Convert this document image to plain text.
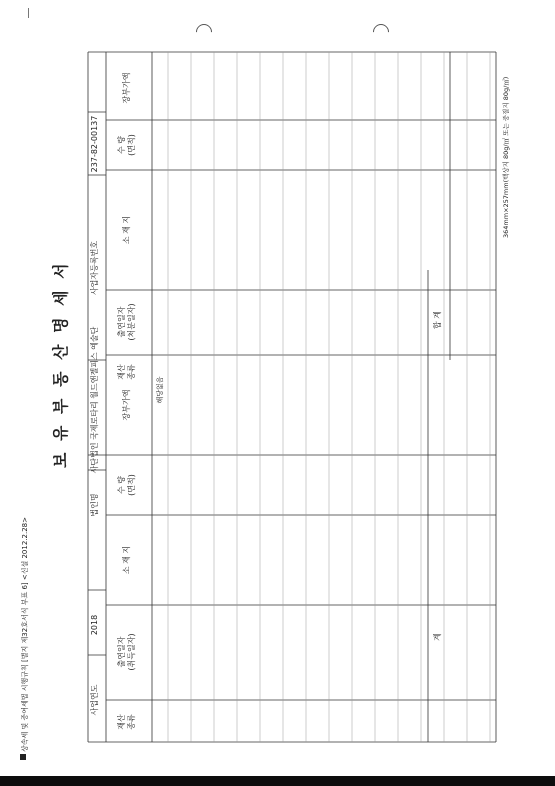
상속세 및 증여세법 시행규칙 [별지 제32호서식 부표 6] <신설 2012.2.28>
보 유 부 동 산 명 세 서
364mm×257mm(백상지 80g/㎡ 또는 중질지 80g/㎡)
사업연도
2018
법인명
사단법인 국제로타리 월드앤젤피스 예술단
사업자등록번호
237-82-00137
재산종류
출연일자(취득일자)
소 재 지
수 량(면적)
장부가액
재산종류
출연일자(처분일자)
소 재 지
수 량(면적)
장부가액
해당없음
계
합 계
